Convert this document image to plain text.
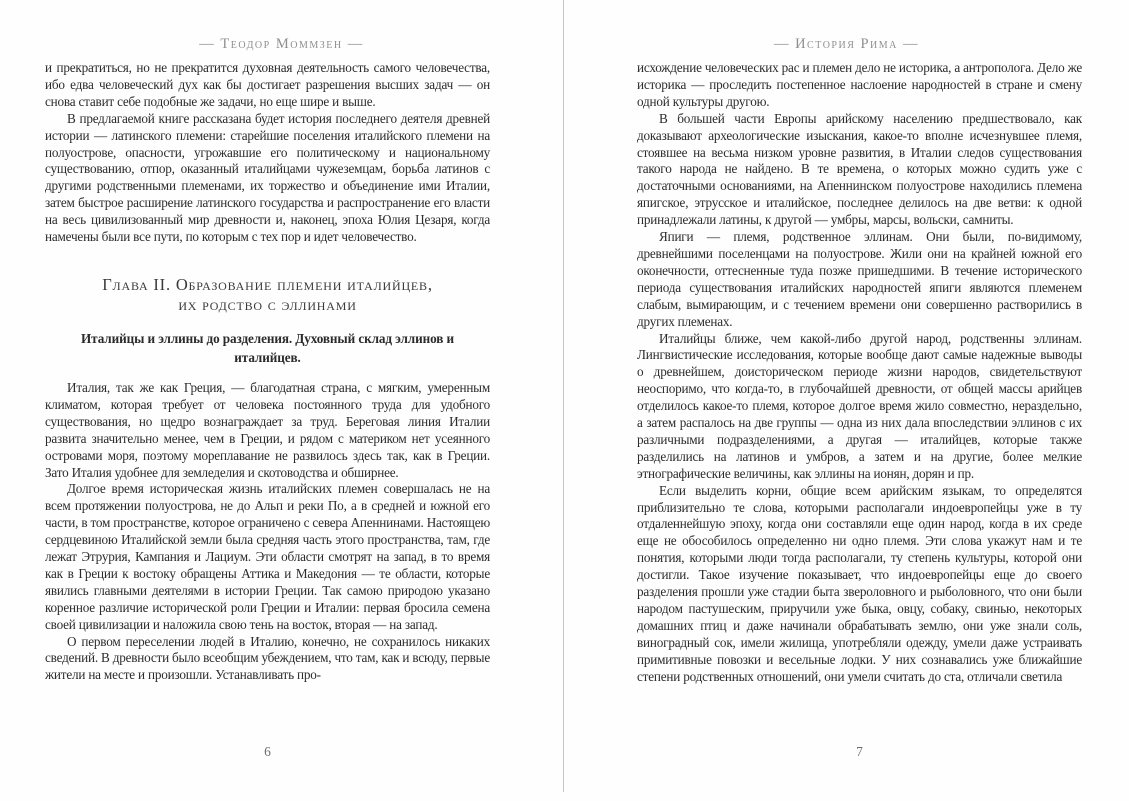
— Теодор Моммзен —

и прекратиться, но не прекратится духовная деятельность самого человечества, ибо едва человеческий дух как бы достигает разрешения высших задач — он снова ставит себе подобные же задачи, но еще шире и выше.

В предлагаемой книге рассказана будет история последнего деятеля древней истории — латинского племени: старейшие поселения италийского племени на полуострове, опасности, угрожавшие его политическому и национальному существованию, отпор, оказанный италийцами чужеземцам, борьба латинов с другими родственными племенами, их торжество и объединение ими Италии, затем быстрое расширение латинского государства и распространение его власти на весь цивилизованный мир древности и, наконец, эпоха Юлия Цезаря, когда намечены были все пути, по которым с тех пор и идет человечество.

Глава II. Образование племени италийцев,
их родство с эллинами
Италийцы и эллины до разделения. Духовный склад эллинов и италийцев.

Италия, так же как Греция, — благодатная страна, с мягким, умеренным климатом, которая требует от человека постоянного труда для удобного существования, но щедро вознаграждает за труд. Береговая линия Италии развита значительно менее, чем в Греции, и рядом с материком нет усеянного островами моря, поэтому мореплавание не развилось здесь так, как в Греции. Зато Италия удобнее для земледелия и скотоводства и обширнее.

Долгое время историческая жизнь италийских племен совершалась не на всем протяжении полуострова, не до Альп и реки По, а в средней и южной его части, в том пространстве, которое ограничено с севера Апеннинами. Настоящею сердцевиною Италийской земли была средняя часть этого пространства, там, где лежат Этрурия, Кампания и Лациум. Эти области смотрят на запад, в то время как в Греции к востоку обращены Аттика и Македония — те области, которые явились главными деятелями в истории Греции. Так самою природою указано коренное различие исторической роли Греции и Италии: первая бросила семена своей цивилизации и наложила свою тень на восток, вторая — на запад.

О первом переселении людей в Италию, конечно, не сохранилось никаких сведений. В древности было всеобщим убеждением, что там, как и всюду, первые жители на месте и произошли. Устанавливать про-

6
— История Рима —

исхождение человеческих рас и племен дело не историка, а антрополога. Дело же историка — проследить постепенное наслоение народностей в стране и смену одной культуры другою.

В большей части Европы арийскому населению предшествовало, как доказывают археологические изыскания, какое-то вполне исчезнувшее племя, стоявшее на весьма низком уровне развития, в Италии следов существования такого народа не найдено. В те времена, о которых можно судить уже с достаточными основаниями, на Апеннинском полуострове находились племена япигское, этрусское и италийское, последнее делилось на две ветви: к одной принадлежали латины, к другой — умбры, марсы, вольски, самниты.

Япиги — племя, родственное эллинам. Они были, по-видимому, древнейшими поселенцами на полуострове. Жили они на крайней южной его оконечности, оттесненные туда позже пришедшими. В течение исторического периода существования италийских народностей япиги являются племенем слабым, вымирающим, и с течением времени они совершенно растворились в других племенах.

Италийцы ближе, чем какой-либо другой народ, родственны эллинам. Лингвистические исследования, которые вообще дают самые надежные выводы о древнейшем, доисторическом периоде жизни народов, свидетельствуют неоспоримо, что когда-то, в глубочайшей древности, от общей массы арийцев отделилось какое-то племя, которое долгое время жило совместно, нераздельно, а затем распалось на две группы — одна из них дала впоследствии эллинов с их различными подразделениями, а другая — италийцев, которые также разделились на латинов и умбров, а затем и на другие, более мелкие этнографические величины, как эллины на ионян, дорян и пр.

Если выделить корни, общие всем арийским языкам, то определятся приблизительно те слова, которыми располагали индоевропейцы уже в ту отдаленнейшую эпоху, когда они составляли еще один народ, когда в их среде еще не обособилось определенно ни одно племя. Эти слова укажут нам и те понятия, которыми люди тогда располагали, ту степень культуры, которой они достигли. Такое изучение показывает, что индоевропейцы еще до своего разделения прошли уже стадии быта звероловного и рыболовного, что они были народом пастушеским, приручили уже быка, овцу, собаку, свинью, некоторых домашних птиц и даже начинали обрабатывать землю, они уже знали соль, виноградный сок, имели жилища, употребляли одежду, умели даже устраивать примитивные повозки и весельные лодки. У них сознавались уже ближайшие степени родственных отношений, они умели считать до ста, отличали светила

7
